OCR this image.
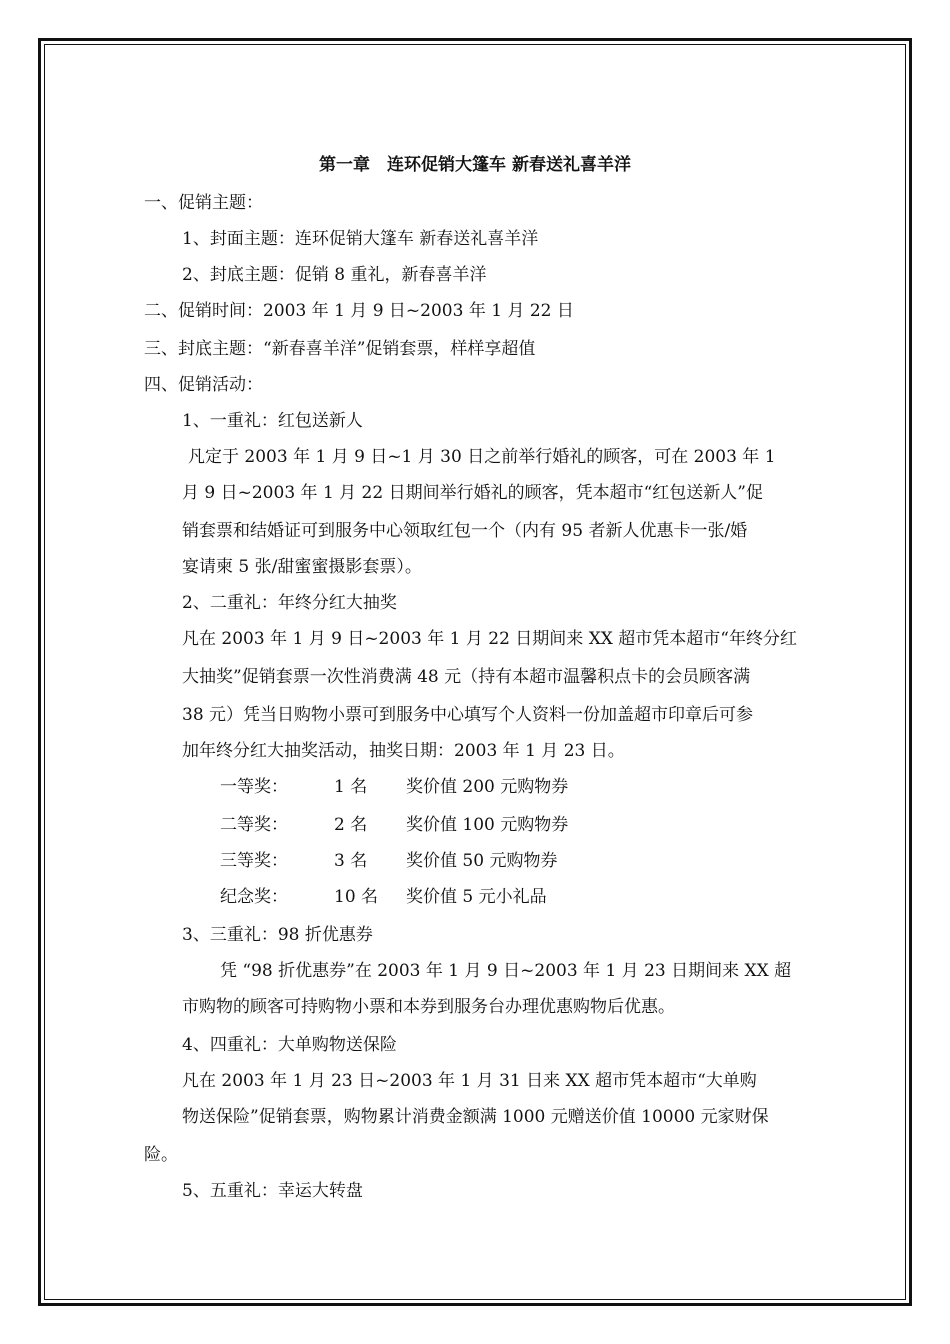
第一章　连环促销大篷车 新春送礼喜羊洋
一、促销主题：
1、封面主题：连环促销大篷车 新春送礼喜羊洋
2、封底主题：促销 8 重礼，新春喜羊洋
二、促销时间：2003 年 1 月 9 日~2003 年 1 月 22 日
三、封底主题：“新春喜羊洋”促销套票，样样享超值
四、促销活动：
1、一重礼：红包送新人
凡定于 2003 年 1 月 9 日~1 月 30 日之前举行婚礼的顾客，可在 2003 年 1
月 9 日~2003 年 1 月 22 日期间举行婚礼的顾客，凭本超市“红包送新人”促
销套票和结婚证可到服务中心领取红包一个（内有 95 者新人优惠卡一张/婚
宴请柬 5 张/甜蜜蜜摄影套票）。
2、二重礼：年终分红大抽奖
凡在 2003 年 1 月 9 日~2003 年 1 月 22 日期间来 XX 超市凭本超市“年终分红
大抽奖”促销套票一次性消费满 48 元（持有本超市温馨积点卡的会员顾客满
38 元）凭当日购物小票可到服务中心填写个人资料一份加盖超市印章后可参
加年终分红大抽奖活动，抽奖日期：2003 年 1 月 23 日。
一等奖：	1 名 奖价值 200 元购物券
二等奖：	2 名 奖价值 100 元购物券
三等奖：	3 名 奖价值 50 元购物券
纪念奖：	10 名 奖价值 5 元小礼品
3、三重礼：98 折优惠券
凭 “98 折优惠券”在 2003 年 1 月 9 日~2003 年 1 月 23 日期间来 XX 超
市购物的顾客可持购物小票和本券到服务台办理优惠购物后优惠。
4、四重礼：大单购物送保险
凡在 2003 年 1 月 23 日~2003 年 1 月 31 日来 XX 超市凭本超市“大单购
物送保险”促销套票，购物累计消费金额满 1000 元赠送价值 10000 元家财保
险。
5、五重礼：幸运大转盘
